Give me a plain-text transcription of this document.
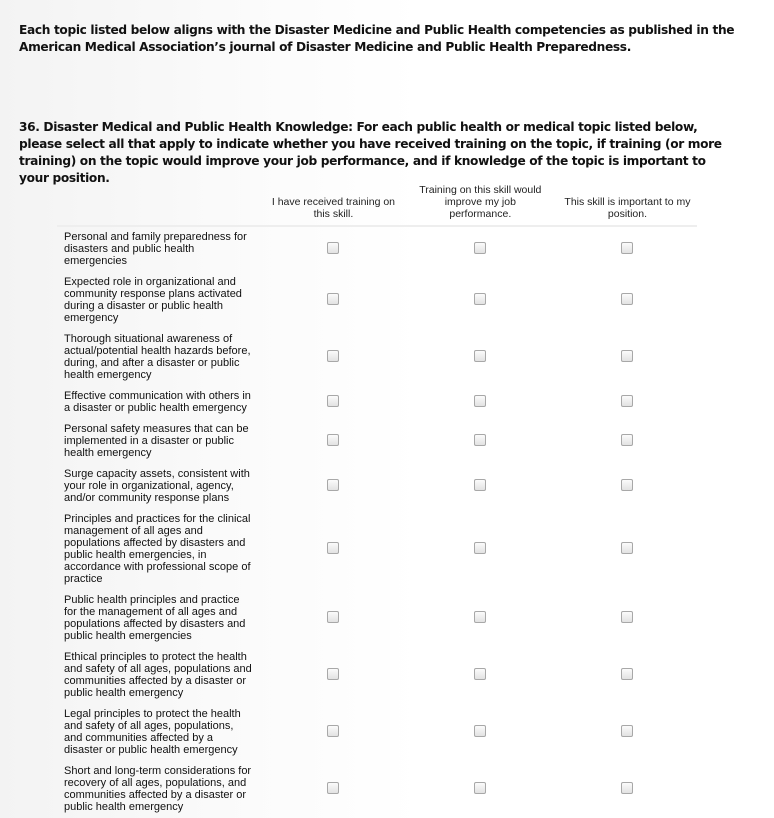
Each topic listed below aligns with the Disaster Medicine and Public Health competencies as published in the American Medical Association’s journal of Disaster Medicine and Public Health Preparedness.
36. Disaster Medical and Public Health Knowledge: For each public health or medical topic listed below, please select all that apply to indicate whether you have received training on the topic, if training (or more training) on the topic would improve your job performance, and if knowledge of the topic is important to your position.
	I have received training on this skill.	Training on this skill would improve my job performance.	This skill is important to my position.
Personal and family preparedness for disasters and public health emergencies			
Expected role in organizational and community response plans activated during a disaster or public health emergency			
Thorough situational awareness of actual/potential health hazards before, during, and after a disaster or public health emergency			
Effective communication with others in a disaster or public health emergency			
Personal safety measures that can be implemented in a disaster or public health emergency			
Surge capacity assets, consistent with your role in organizational, agency, and/or community response plans			
Principles and practices for the clinical management of all ages and populations affected by disasters and public health emergencies, in accordance with professional scope of practice			
Public health principles and practice for the management of all ages and populations affected by disasters and public health emergencies			
Ethical principles to protect the health and safety of all ages, populations and communities affected by a disaster or public health emergency			
Legal principles to protect the health and safety of all ages, populations, and communities affected by a disaster or public health emergency			
Short and long-term considerations for recovery of all ages, populations, and communities affected by a disaster or public health emergency			
